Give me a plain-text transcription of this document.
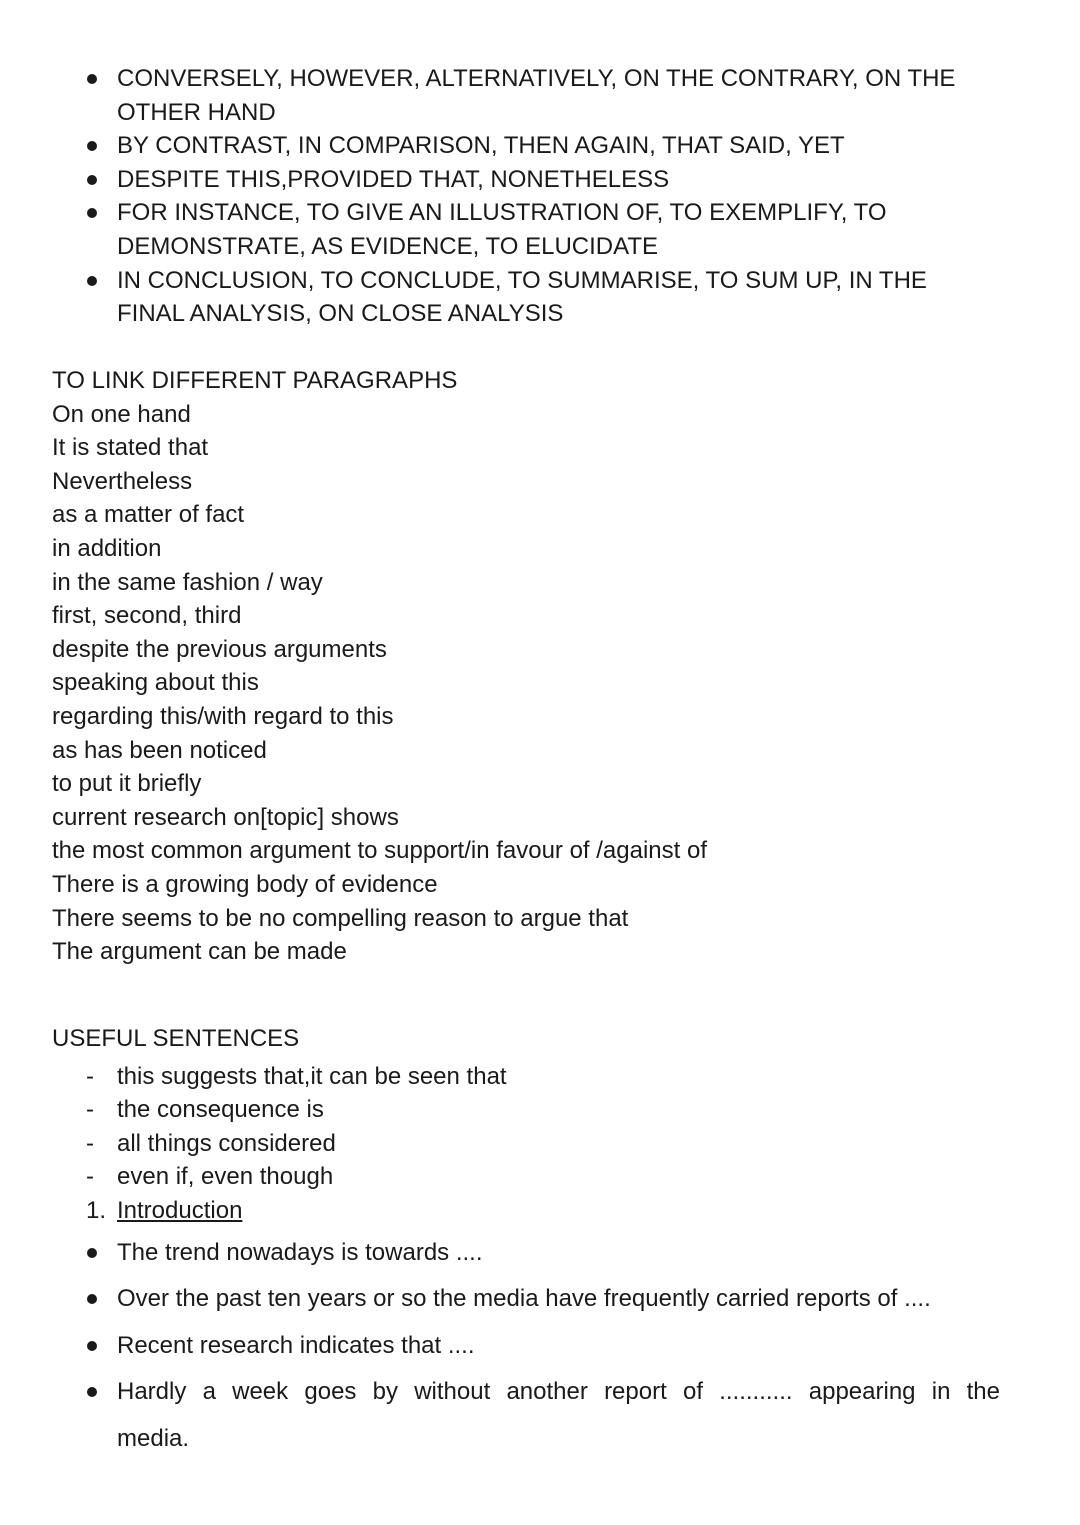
CONVERSELY, HOWEVER, ALTERNATIVELY, ON THE CONTRARY, ON THE OTHER HAND
BY CONTRAST, IN COMPARISON, THEN AGAIN, THAT SAID, YET
DESPITE THIS,PROVIDED THAT, NONETHELESS
FOR INSTANCE, TO GIVE AN ILLUSTRATION OF, TO EXEMPLIFY, TO DEMONSTRATE, AS EVIDENCE, TO ELUCIDATE
IN CONCLUSION, TO CONCLUDE, TO SUMMARISE, TO SUM UP, IN THE FINAL ANALYSIS, ON CLOSE ANALYSIS
TO LINK DIFFERENT PARAGRAPHS
On one hand
It is stated that
Nevertheless
as a matter of fact
in addition
in the same fashion / way
first, second, third
despite the previous arguments
speaking about this
regarding this/with regard to this
as has been noticed
to put it briefly
current research on[topic] shows
the most common argument to support/in favour of /against of
There is a growing body of evidence
There seems to be no compelling reason to argue that
The argument can be made
USEFUL SENTENCES
- this suggests that,it can be seen that
- the consequence is
- all things considered
- even if, even though
1. Introduction
The trend nowadays is towards ....
Over the past ten years or so the media have frequently carried reports of ....
Recent research indicates that ....
Hardly a week goes by without another report of ........... appearing in the
media.
